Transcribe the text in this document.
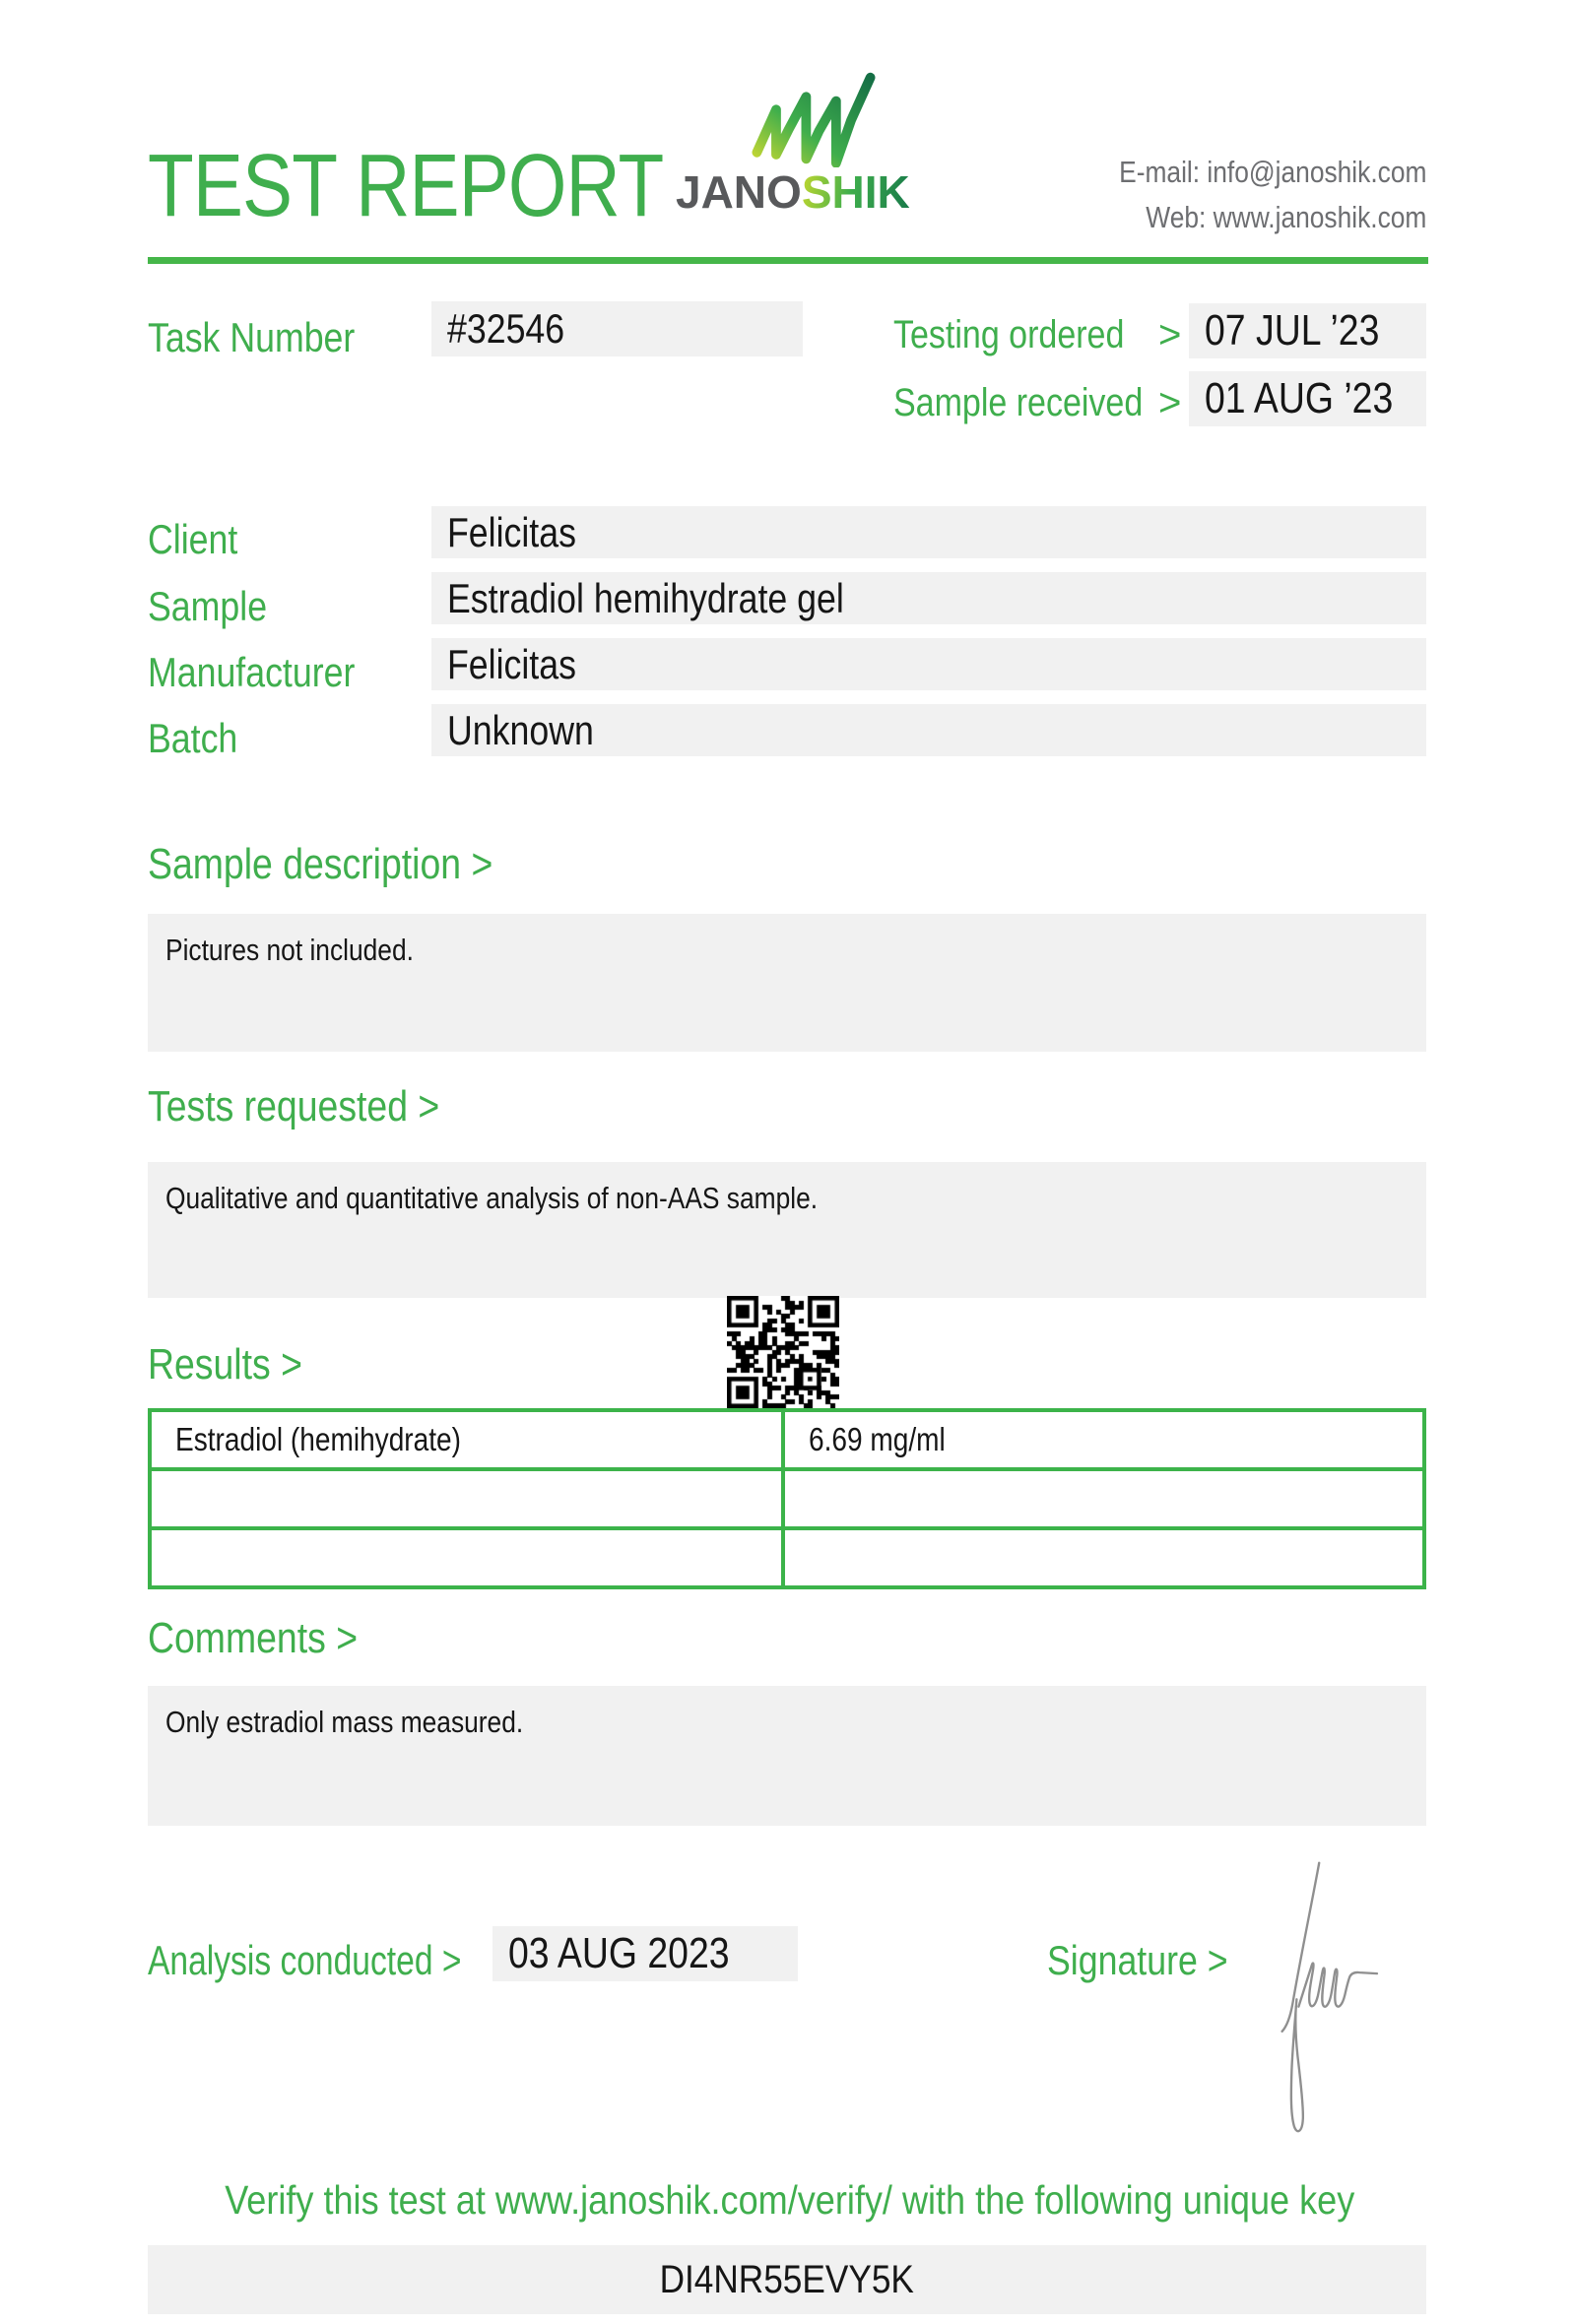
TEST REPORT JANOSHIK	E-mail: info@janoshik.com
Web: www.janoshik.com
Task Number	#32546	Testing ordered > 07 JUL ’23
Sample received > 01 AUG ’23
Client	Felicitas
Sample	Estradiol hemihydrate gel
Manufacturer	Felicitas
Batch	Unknown
Sample description >
Pictures not included.
Tests requested >
Qualitative and quantitative analysis of non-AAS sample.
Results >
Estradiol (hemihydrate)	6.69 mg/ml

Comments >
Only estradiol mass measured.
Analysis conducted >	03 AUG 2023	Signature >
Verify this test at www.janoshik.com/verify/ with the following unique key
DI4NR55EVY5K
